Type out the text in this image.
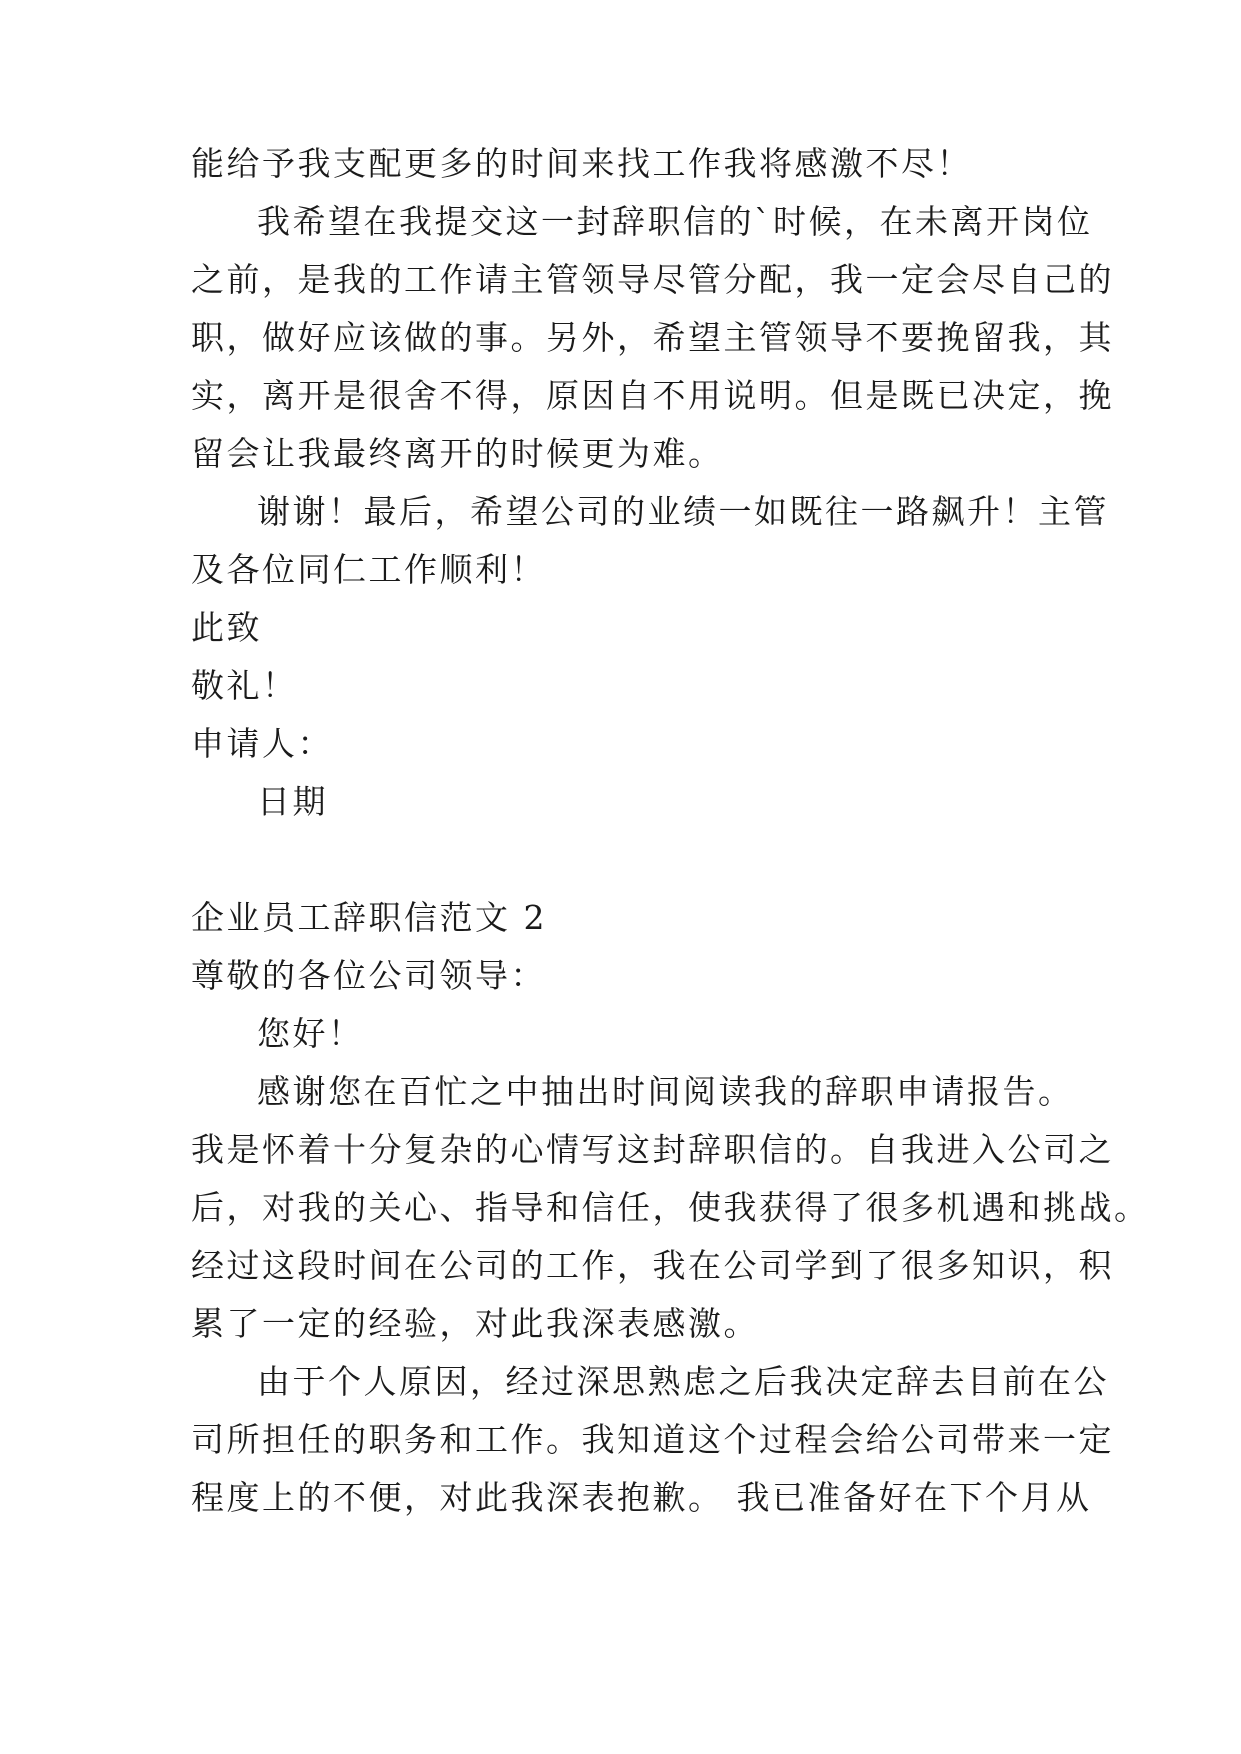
能给予我支配更多的时间来找工作我将感激不尽！
我希望在我提交这一封辞职信的`时候，在未离开岗位
之前，是我的工作请主管领导尽管分配，我一定会尽自己的
职，做好应该做的事。另外，希望主管领导不要挽留我，其
实，离开是很舍不得，原因自不用说明。但是既已决定，挽
留会让我最终离开的时候更为难。
谢谢！最后，希望公司的业绩一如既往一路飙升！主管
及各位同仁工作顺利！
此致
敬礼！
申请人：
日期
企业员工辞职信范文 2
尊敬的各位公司领导：
您好！
感谢您在百忙之中抽出时间阅读我的辞职申请报告。
我是怀着十分复杂的心情写这封辞职信的。自我进入公司之
后，对我的关心、指导和信任，使我获得了很多机遇和挑战。
经过这段时间在公司的工作，我在公司学到了很多知识，积
累了一定的经验，对此我深表感激。
由于个人原因，经过深思熟虑之后我决定辞去目前在公
司所担任的职务和工作。我知道这个过程会给公司带来一定
程度上的不便，对此我深表抱歉。 我已准备好在下个月从
